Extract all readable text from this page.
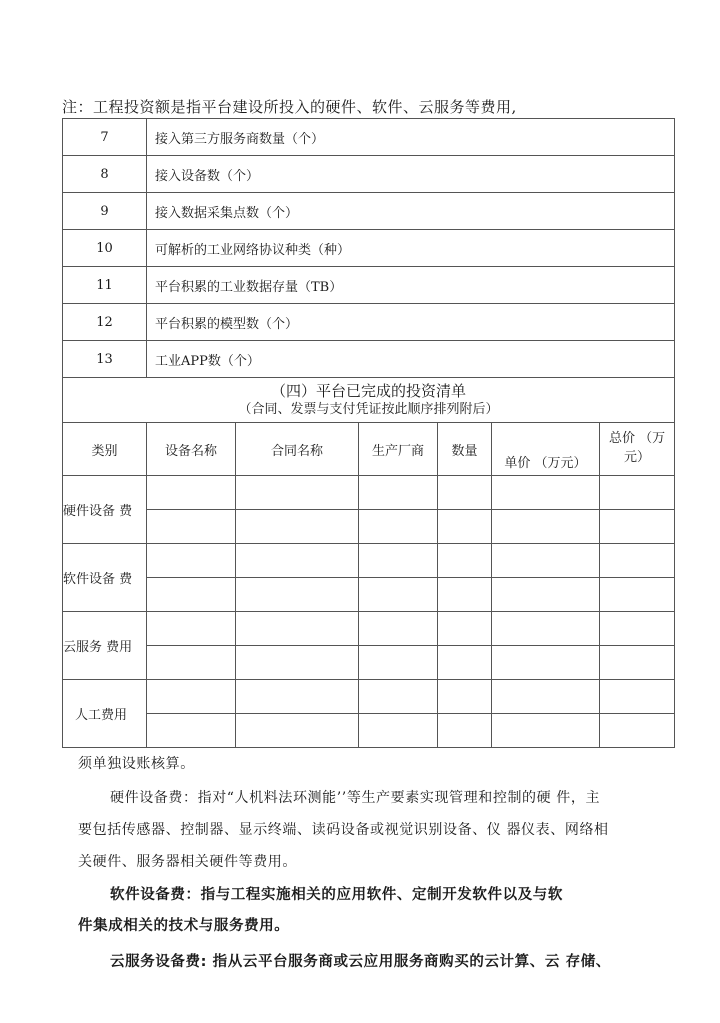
注：工程投资额是指平台建设所投入的硬件、软件、云服务等费用,
7	接入第三方服务商数量（个）					
8	接入设备数（个）					
9	接入数据采集点数（个）					
10	可解析的工业网络协议种类（种）					
11	平台积累的工业数据存量（TB）					
12	平台积累的模型数（个）					
13	工业APP数（个）					

（四）平台已完成的投资清单
（合同、发票与支付凭证按此顺序排列附后）						

类别	设备名称	合同名称	生产厂商	数量	单价 （万元）	总价 （万
元）
硬件设备 费						

软件设备 费						

云服务 费用						

人工费用						

须单独设账核算。
硬件设备费：指对“人机料法环测能’’等生产要素实现管理和控制的硬 件，主
要包括传感器、控制器、显示终端、读码设备或视觉识别设备、仪 器仪表、网络相
关硬件、服务器相关硬件等费用。
软件设备费：指与工程实施相关的应用软件、定制开发软件以及与软
件集成相关的技术与服务费用。
云服务设备费: 指从云平台服务商或云应用服务商购买的云计算、云 存储、
